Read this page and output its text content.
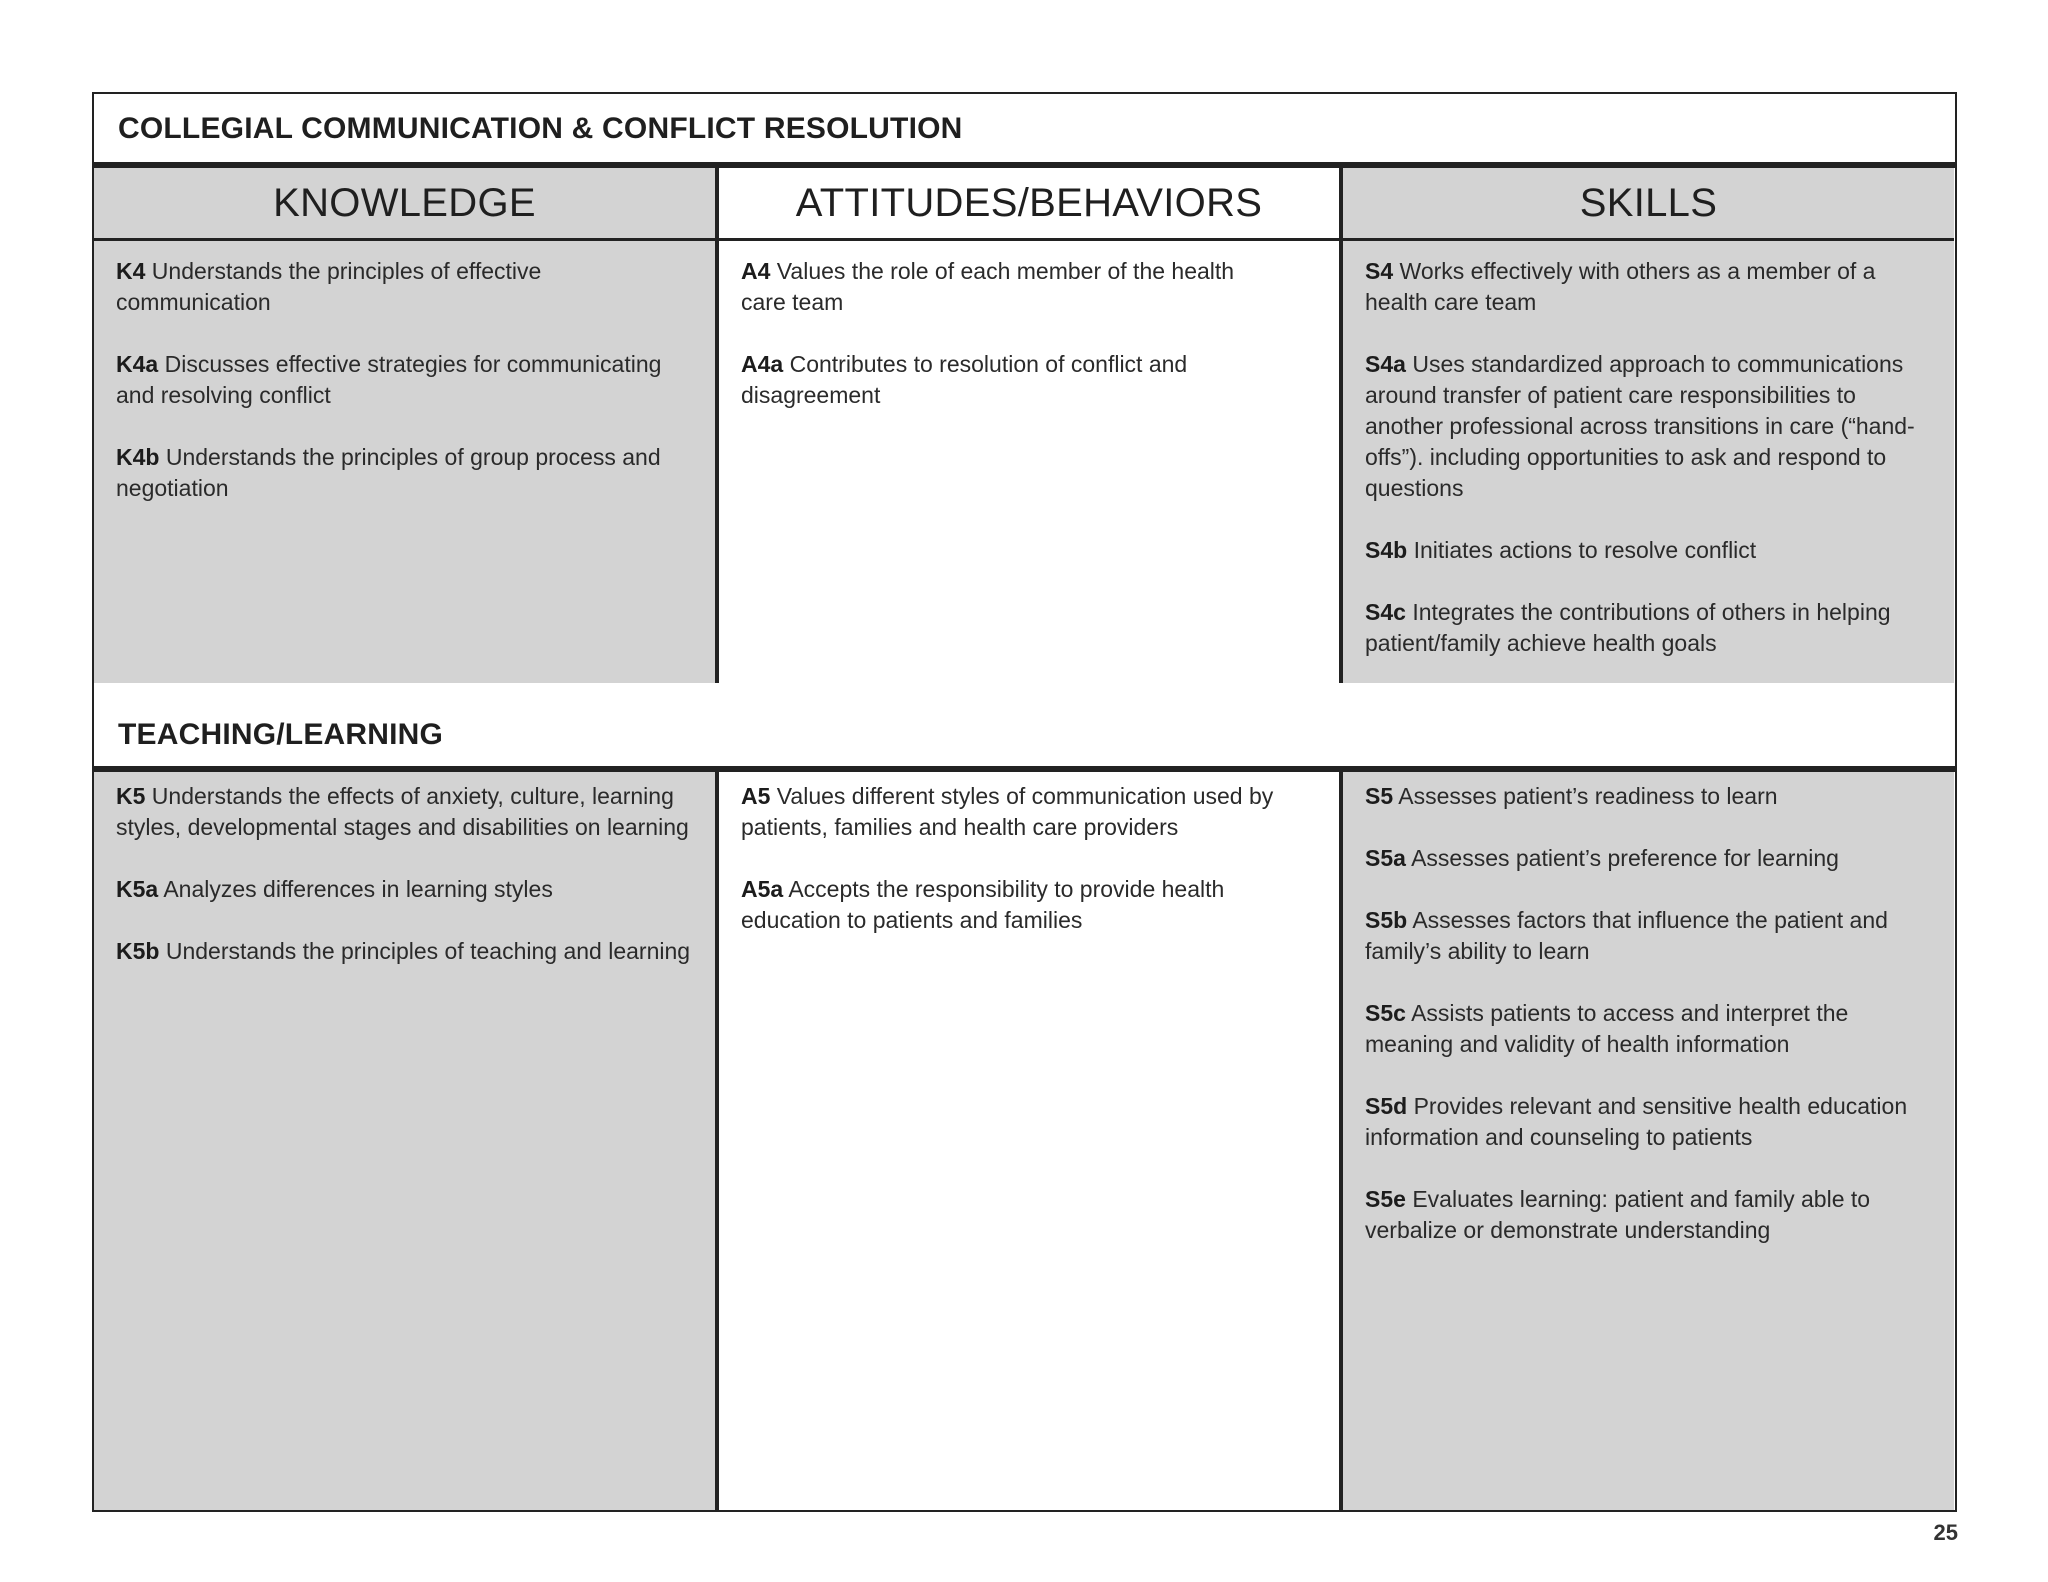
COLLEGIAL COMMUNICATION & CONFLICT RESOLUTION
KNOWLEDGE
K4 Understands the principles of effective communication
K4a Discusses effective strategies for communicating and resolving conflict
K4b Understands the principles of group process and negotiation
ATTITUDES/BEHAVIORS
A4 Values the role of each member of the health care team
A4a Contributes to resolution of conflict and disagreement
SKILLS
S4 Works effectively with others as a member of a health care team
S4a Uses standardized approach to communications around transfer of patient care responsibilities to another professional across transitions in care (“hand-offs”). including opportunities to ask and respond to questions
S4b Initiates actions to resolve conflict
S4c Integrates the contributions of others in helping patient/family achieve health goals
TEACHING/LEARNING
K5 Understands the effects of anxiety, culture, learning styles, developmental stages and disabilities on learning
K5a Analyzes differences in learning styles
K5b Understands the principles of teaching and learning
A5 Values different styles of communication used by patients, families and health care providers
A5a Accepts the responsibility to provide health education to patients and families
S5 Assesses patient’s readiness to learn
S5a Assesses patient’s preference for learning
S5b Assesses factors that influence the patient and family’s ability to learn
S5c Assists patients to access and interpret the meaning and validity of health information
S5d Provides relevant and sensitive health education information and counseling to patients
S5e Evaluates learning: patient and family able to verbalize or demonstrate understanding
25
